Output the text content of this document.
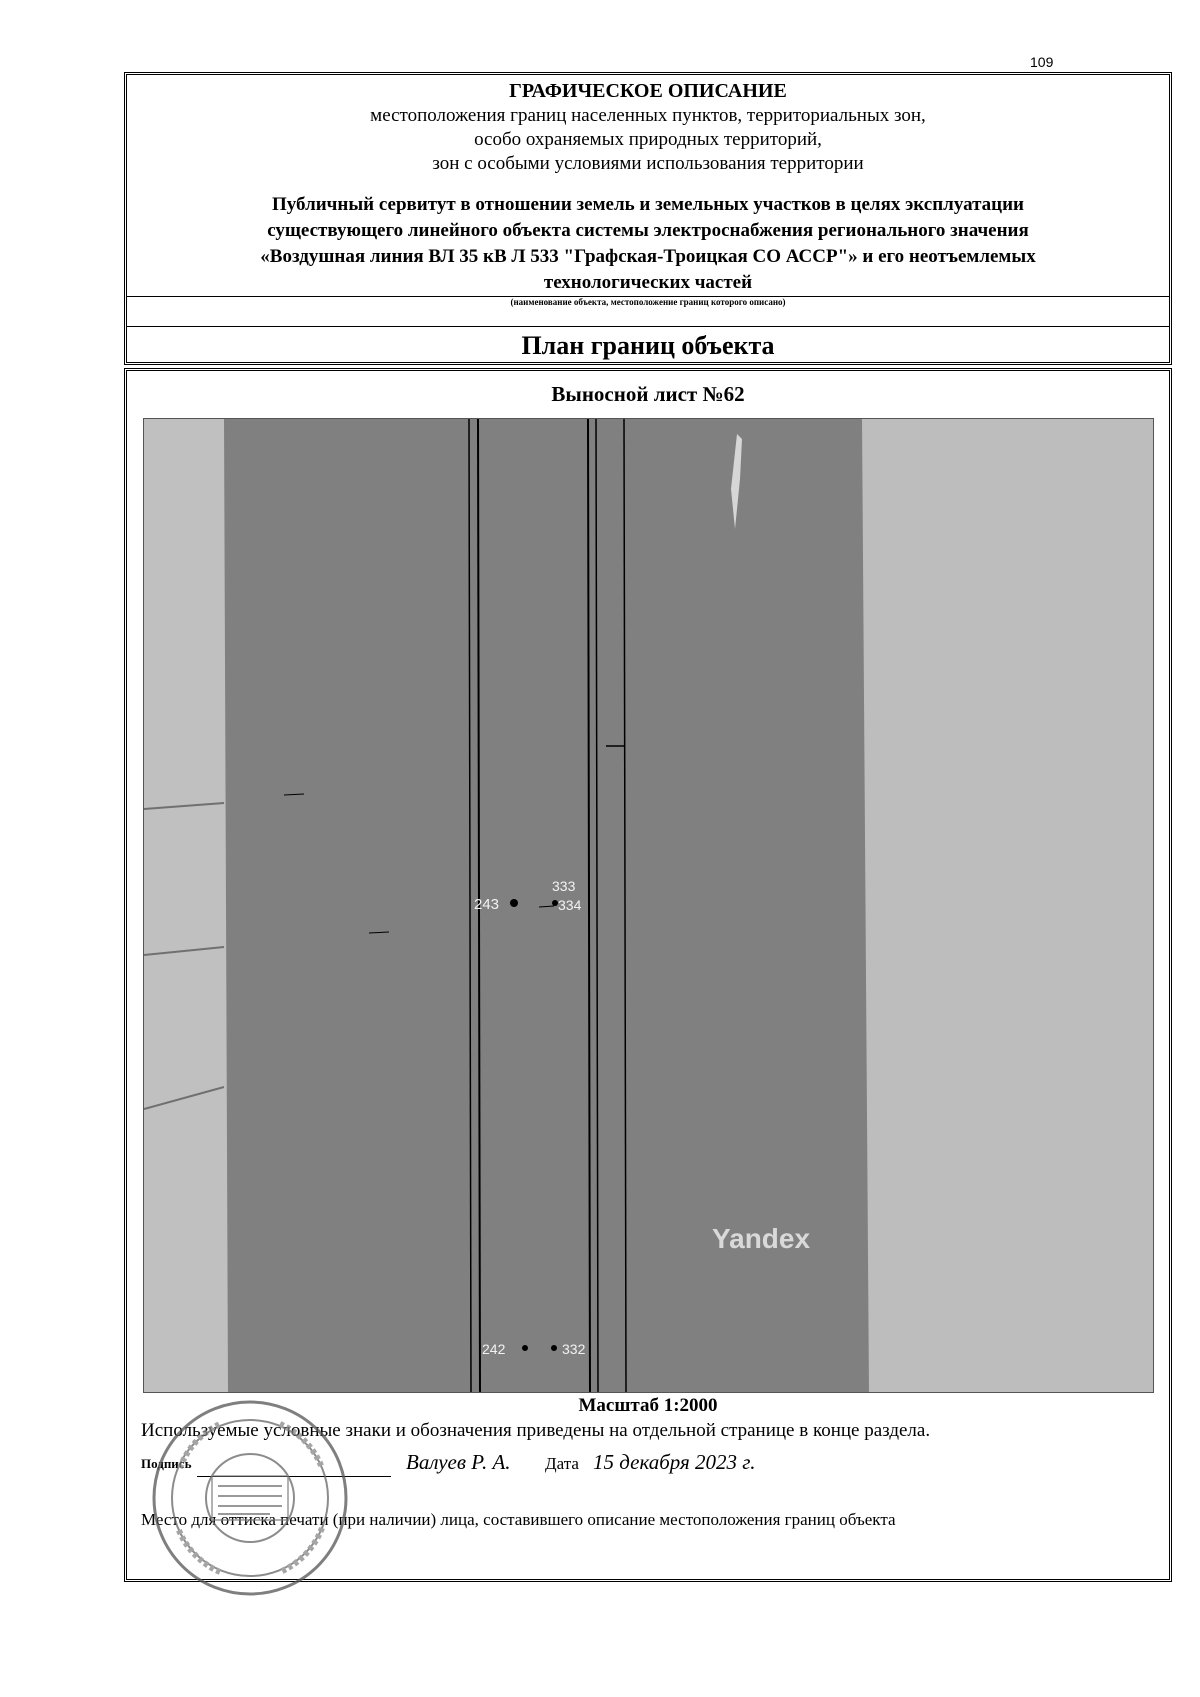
109
ГРАФИЧЕСКОЕ ОПИСАНИЕ
местоположения границ населенных пунктов, территориальных зон,
особо охраняемых природных территорий,
зон с особыми условиями использования территории
Публичный сервитут в отношении земель и земельных участков в целях эксплуатации
существующего линейного объекта системы электроснабжения регионального значения
«Воздушная линия ВЛ 35 кВ Л 533 "Графская-Троицкая СО АССР"» и его неотъемлемых
технологических частей
(наименование объекта, местоположение границ которого описано)
План границ объекта
Выносной лист №62
243
333
334
242	332
Yandex
Масштаб 1:2000
Используемые условные знаки и обозначения приведены на отдельной странице в конце раздела.
Подпись	Валуев Р. А. Дата 15 декабря 2023 г.
Место для оттиска печати (при наличии) лица, составившего описание местоположения границ объекта
